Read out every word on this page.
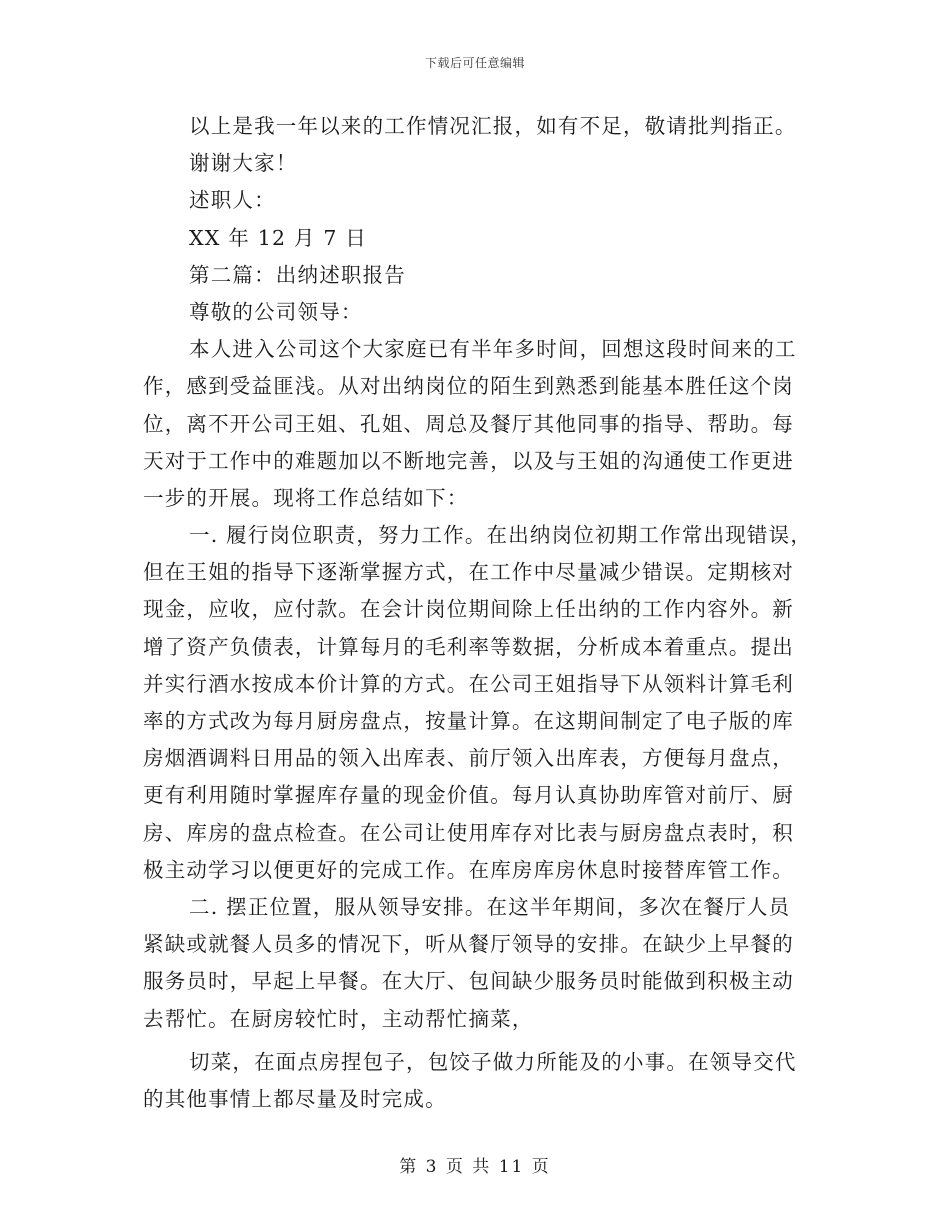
下载后可任意编辑
以上是我一年以来的工作情况汇报，如有不足，敬请批判指正。
谢谢大家！
述职人：
XX 年 12 月 7 日
第二篇：出纳述职报告
尊敬的公司领导：
本人进入公司这个大家庭已有半年多时间，回想这段时间来的工
作，感到受益匪浅。从对出纳岗位的陌生到熟悉到能基本胜任这个岗
位，离不开公司王姐、孔姐、周总及餐厅其他同事的指导、帮助。每
天对于工作中的难题加以不断地完善，以及与王姐的沟通使工作更进
一步的开展。现将工作总结如下：
一. 履行岗位职责，努力工作。在出纳岗位初期工作常出现错误，
但在王姐的指导下逐渐掌握方式，在工作中尽量减少错误。定期核对
现金，应收，应付款。在会计岗位期间除上任出纳的工作内容外。新
增了资产负债表，计算每月的毛利率等数据，分析成本着重点。提出
并实行酒水按成本价计算的方式。在公司王姐指导下从领料计算毛利
率的方式改为每月厨房盘点，按量计算。在这期间制定了电子版的库
房烟酒调料日用品的领入出库表、前厅领入出库表，方便每月盘点，
更有利用随时掌握库存量的现金价值。每月认真协助库管对前厅、厨
房、库房的盘点检查。在公司让使用库存对比表与厨房盘点表时，积
极主动学习以便更好的完成工作。在库房库房休息时接替库管工作。
二. 摆正位置，服从领导安排。在这半年期间，多次在餐厅人员
紧缺或就餐人员多的情况下，听从餐厅领导的安排。在缺少上早餐的
服务员时，早起上早餐。在大厅、包间缺少服务员时能做到积极主动
去帮忙。在厨房较忙时，主动帮忙摘菜，
切菜，在面点房捏包子，包饺子做力所能及的小事。在领导交代
的其他事情上都尽量及时完成。
第 3 页 共 11 页
